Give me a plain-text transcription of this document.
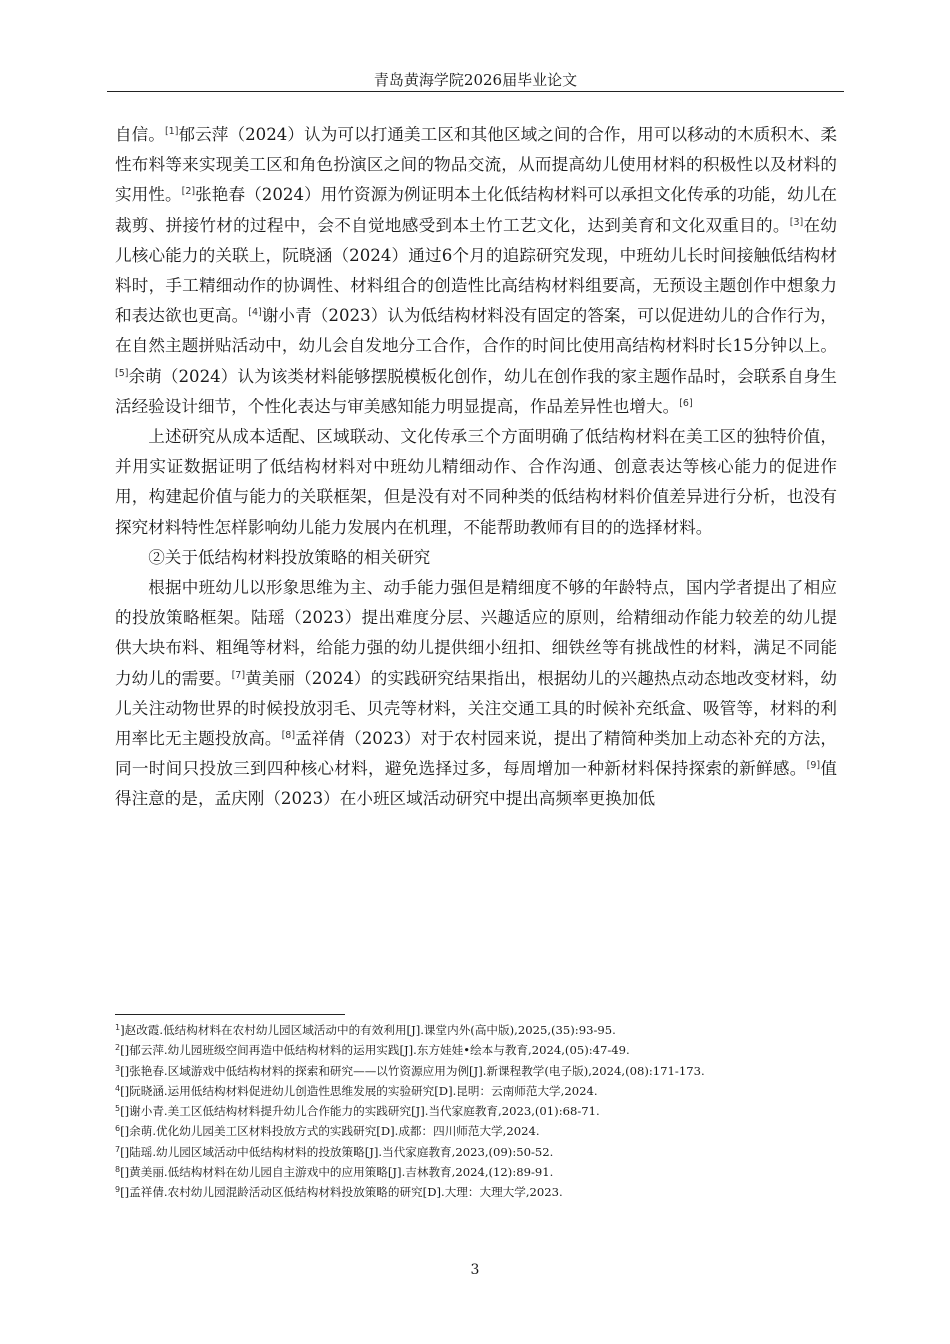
青岛黄海学院2026届毕业论文

自信。[1]郁云萍（2024）认为可以打通美工区和其他区域之间的合作，用可以移动的木质积木、柔性布料等来实现美工区和角色扮演区之间的物品交流，从而提高幼儿使用材料的积极性以及材料的实用性。[2]张艳春（2024）用竹资源为例证明本土化低结构材料可以承担文化传承的功能，幼儿在裁剪、拼接竹材的过程中，会不自觉地感受到本土竹工艺文化，达到美育和文化双重目的。[3]在幼儿核心能力的关联上，阮晓涵（2024）通过6个月的追踪研究发现，中班幼儿长时间接触低结构材料时，手工精细动作的协调性、材料组合的创造性比高结构材料组要高，无预设主题创作中想象力和表达欲也更高。[4]谢小青（2023）认为低结构材料没有固定的答案，可以促进幼儿的合作行为，在自然主题拼贴活动中，幼儿会自发地分工合作，合作的时间比使用高结构材料时长15分钟以上。[5]余萌（2024）认为该类材料能够摆脱模板化创作，幼儿在创作我的家主题作品时，会联系自身生活经验设计细节，个性化表达与审美感知能力明显提高，作品差异性也增大。[6]

上述研究从成本适配、区域联动、文化传承三个方面明确了低结构材料在美工区的独特价值，并用实证数据证明了低结构材料对中班幼儿精细动作、合作沟通、创意表达等核心能力的促进作用，构建起价值与能力的关联框架，但是没有对不同种类的低结构材料价值差异进行分析，也没有探究材料特性怎样影响幼儿能力发展内在机理，不能帮助教师有目的的选择材料。

②关于低结构材料投放策略的相关研究

根据中班幼儿以形象思维为主、动手能力强但是精细度不够的年龄特点，国内学者提出了相应的投放策略框架。陆瑶（2023）提出难度分层、兴趣适应的原则，给精细动作能力较差的幼儿提供大块布料、粗绳等材料，给能力强的幼儿提供细小纽扣、细铁丝等有挑战性的材料，满足不同能力幼儿的需要。[7]黄美丽（2024）的实践研究结果指出，根据幼儿的兴趣热点动态地改变材料，幼儿关注动物世界的时候投放羽毛、贝壳等材料，关注交通工具的时候补充纸盒、吸管等，材料的利用率比无主题投放高。[8]孟祥倩（2023）对于农村园来说，提出了精简种类加上动态补充的方法，同一时间只投放三到四种核心材料，避免选择过多，每周增加一种新材料保持探索的新鲜感。[9]值得注意的是，孟庆刚（2023）在小班区域活动研究中提出高频率更换加低

$^1$]赵改霞.低结构材料在农村幼儿园区域活动中的有效利用[J].课堂内外(高中版),2025,(35):93-95.

$^2$[]郁云萍.幼儿园班级空间再造中低结构材料的运用实践[J].东方娃娃•绘本与教育,2024,(05):47-49.

$^3$[]张艳春.区域游戏中低结构材料的探索和研究——以竹资源应用为例[J].新课程教学(电子版),2024,(08):171-173.

$^4$[]阮晓涵.运用低结构材料促进幼儿创造性思维发展的实验研究[D].昆明：云南师范大学,2024.

$^5$[]谢小青.美工区低结构材料提升幼儿合作能力的实践研究[J].当代家庭教育,2023,(01):68-71.

$^6$[]余萌.优化幼儿园美工区材料投放方式的实践研究[D].成都：四川师范大学,2024.

$^7$[]陆瑶.幼儿园区域活动中低结构材料的投放策略[J].当代家庭教育,2023,(09):50-52.

$^8$[]黄美丽.低结构材料在幼儿园自主游戏中的应用策略[J].吉林教育,2024,(12):89-91.

$^9$[]孟祥倩.农村幼儿园混龄活动区低结构材料投放策略的研究[D].大理：大理大学,2023.

3
